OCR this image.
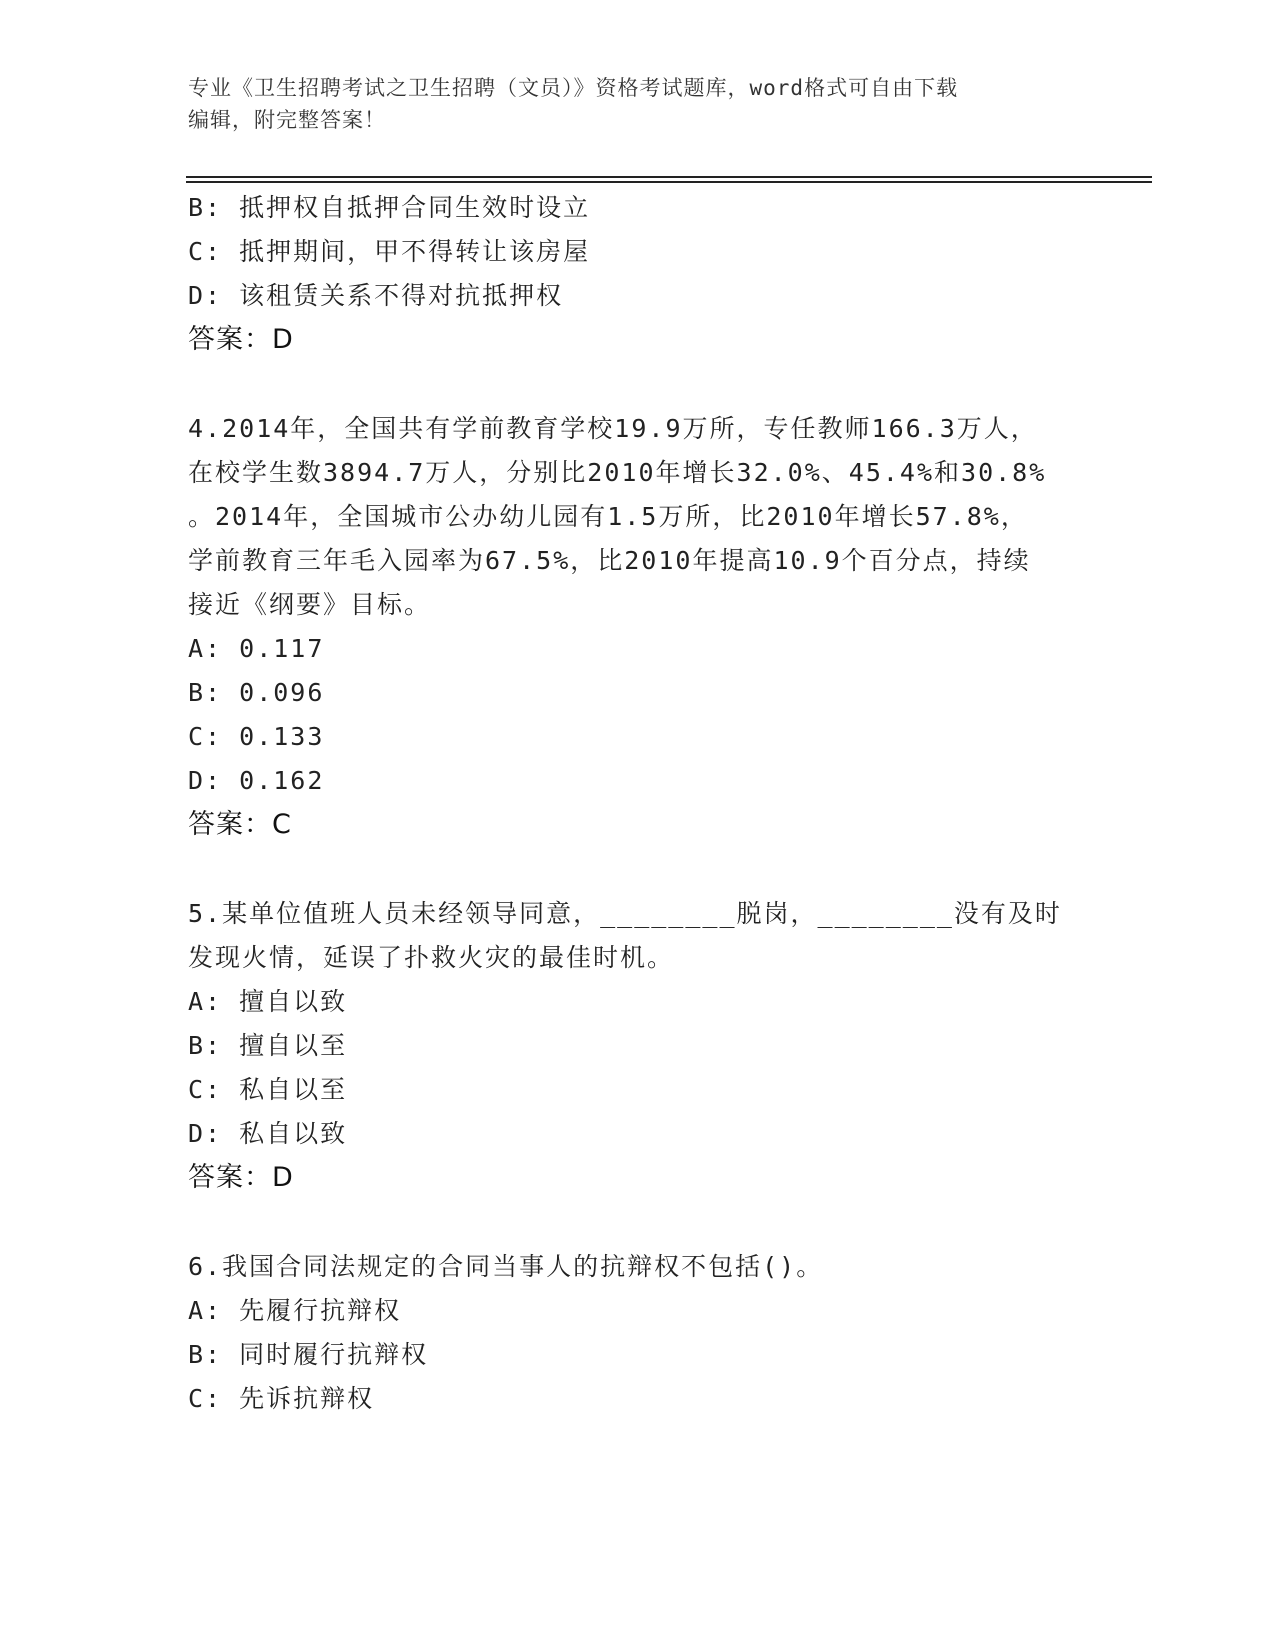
专业《卫生招聘考试之卫生招聘（文员）》资格考试题库，word格式可自由下载
编辑，附完整答案！
B: 抵押权自抵押合同生效时设立
C: 抵押期间，甲不得转让该房屋
D: 该租赁关系不得对抗抵押权
答案：D
4.2014年，全国共有学前教育学校19.9万所，专任教师166.3万人，
在校学生数3894.7万人，分别比2010年增长32.0%、45.4%和30.8%
。2014年，全国城市公办幼儿园有1.5万所，比2010年增长57.8%，
学前教育三年毛入园率为67.5%，比2010年提高10.9个百分点，持续
接近《纲要》目标。
A: 0.117
B: 0.096
C: 0.133
D: 0.162
答案：C
5.某单位值班人员未经领导同意，________脱岗，________没有及时
发现火情，延误了扑救火灾的最佳时机。
A: 擅自以致
B: 擅自以至
C: 私自以至
D: 私自以致
答案：D
6.我国合同法规定的合同当事人的抗辩权不包括()。
A: 先履行抗辩权
B: 同时履行抗辩权
C: 先诉抗辩权
